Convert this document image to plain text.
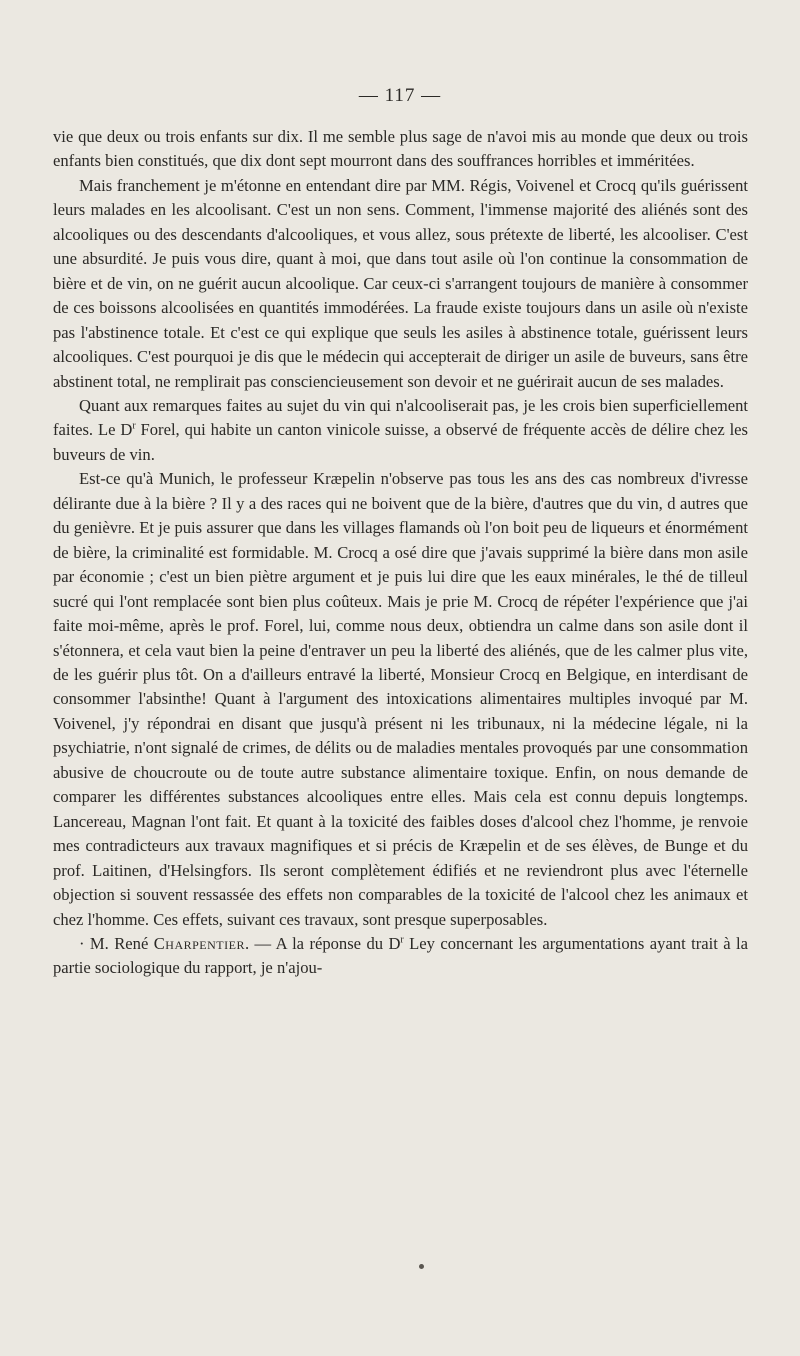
— 117 —

vie que deux ou trois enfants sur dix. Il me semble plus sage de n'avoi mis au monde que deux ou trois enfants bien constitués, que dix dont sept mourront dans des souffrances horribles et imméritées.

Mais franchement je m'étonne en entendant dire par MM. Régis, Voivenel et Crocq qu'ils guérissent leurs malades en les alcoolisant. C'est un non sens. Comment, l'immense majorité des aliénés sont des alcooliques ou des descendants d'alcooliques, et vous allez, sous prétexte de liberté, les alcooliser. C'est une absurdité. Je puis vous dire, quant à moi, que dans tout asile où l'on continue la consommation de bière et de vin, on ne guérit aucun alcoolique. Car ceux-ci s'arrangent toujours de manière à consommer de ces boissons alcoolisées en quantités immodérées. La fraude existe toujours dans un asile où n'existe pas l'abstinence totale. Et c'est ce qui explique que seuls les asiles à abstinence totale, guérissent leurs alcooliques. C'est pourquoi je dis que le médecin qui accepterait de diriger un asile de buveurs, sans être abstinent total, ne remplirait pas consciencieusement son devoir et ne guérirait aucun de ses malades.

Quant aux remarques faites au sujet du vin qui n'alcooliserait pas, je les crois bien superficiellement faites. Le $D^r$ Forel, qui habite un canton vinicole suisse, a observé de fréquente accès de délire chez les buveurs de vin.

Est-ce qu'à Munich, le professeur Kræpelin n'observe pas tous les ans des cas nombreux d'ivresse délirante due à la bière ? Il y a des races qui ne boivent que de la bière, d'autres que du vin, d autres que du genièvre. Et je puis assurer que dans les villages flamands où l'on boit peu de liqueurs et énormément de bière, la criminalité est formidable. M. Crocq a osé dire que j'avais supprimé la bière dans mon asile par économie ; c'est un bien piètre argument et je puis lui dire que les eaux minérales, le thé de tilleul sucré qui l'ont remplacée sont bien plus coûteux. Mais je prie M. Crocq de répéter l'expérience que j'ai faite moi-même, après le prof. Forel, lui, comme nous deux, obtiendra un calme dans son asile dont il s'étonnera, et cela vaut bien la peine d'entraver un peu la liberté des aliénés, que de les calmer plus vite, de les guérir plus tôt. On a d'ailleurs entravé la liberté, Monsieur Crocq en Belgique, en interdisant de consommer l'absinthe! Quant à l'argument des intoxications alimentaires multiples invoqué par M. Voivenel, j'y répondrai en disant que jusqu'à présent ni les tribunaux, ni la médecine légale, ni la psychiatrie, n'ont signalé de crimes, de délits ou de maladies mentales provoqués par une consommation abusive de choucroute ou de toute autre substance alimentaire toxique. Enfin, on nous demande de comparer les différentes substances alcooliques entre elles. Mais cela est connu depuis longtemps. Lancereau, Magnan l'ont fait. Et quant à la toxicité des faibles doses d'alcool chez l'homme, je renvoie mes contradicteurs aux travaux magnifiques et si précis de Kræpelin et de ses élèves, de Bunge et du prof. Laitinen, d'Helsingfors. Ils seront complètement édifiés et ne reviendront plus avec l'éternelle objection si souvent ressassée des effets non comparables de la toxicité de l'alcool chez les animaux et chez l'homme. Ces effets, suivant ces travaux, sont presque superposables.

· M. René Charpentier. — A la réponse du $D^r$ Ley concernant les argumentations ayant trait à la partie sociologique du rapport, je n'ajou-
